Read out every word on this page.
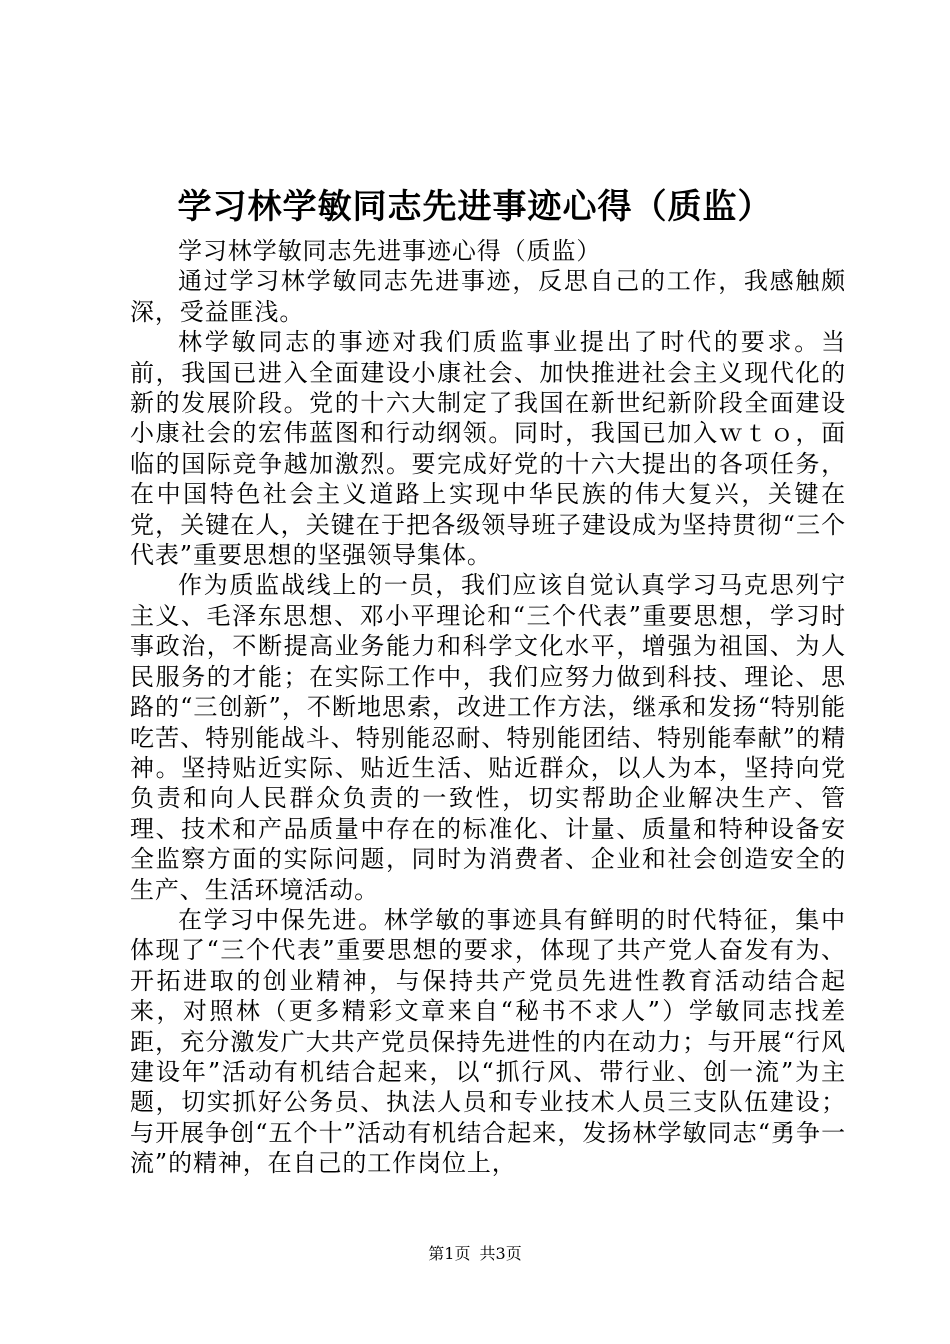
学习林学敏同志先进事迹心得（质监）

学习林学敏同志先进事迹心得（质监）

通过学习林学敏同志先进事迹，反思自己的工作，我感触颇深，受益匪浅。

林学敏同志的事迹对我们质监事业提出了时代的要求。当前，我国已进入全面建设小康社会、加快推进社会主义现代化的新的发展阶段。党的十六大制定了我国在新世纪新阶段全面建设小康社会的宏伟蓝图和行动纲领。同时，我国已加入ｗｔｏ，面临的国际竞争越加激烈。要完成好党的十六大提出的各项任务，在中国特色社会主义道路上实现中华民族的伟大复兴，关键在党，关键在人，关键在于把各级领导班子建设成为坚持贯彻“三个代表”重要思想的坚强领导集体。

作为质监战线上的一员，我们应该自觉认真学习马克思列宁主义、毛泽东思想、邓小平理论和“三个代表”重要思想，学习时事政治，不断提高业务能力和科学文化水平，增强为祖国、为人民服务的才能；在实际工作中，我们应努力做到科技、理论、思路的“三创新”，不断地思索，改进工作方法，继承和发扬“特别能吃苦、特别能战斗、特别能忍耐、特别能团结、特别能奉献”的精神。坚持贴近实际、贴近生活、贴近群众，以人为本，坚持向党负责和向人民群众负责的一致性，切实帮助企业解决生产、管理、技术和产品质量中存在的标准化、计量、质量和特种设备安全监察方面的实际问题，同时为消费者、企业和社会创造安全的生产、生活环境活动。

在学习中保先进。林学敏的事迹具有鲜明的时代特征，集中体现了“三个代表”重要思想的要求，体现了共产党人奋发有为、开拓进取的创业精神，与保持共产党员先进性教育活动结合起来，对照林（更多精彩文章来自“秘书不求人”）学敏同志找差距，充分激发广大共产党员保持先进性的内在动力；与开展“行风建设年”活动有机结合起来，以“抓行风、带行业、创一流”为主题，切实抓好公务员、执法人员和专业技术人员三支队伍建设；与开展争创“五个十”活动有机结合起来，发扬林学敏同志“勇争一流”的精神，在自己的工作岗位上，

第1页 共3页
